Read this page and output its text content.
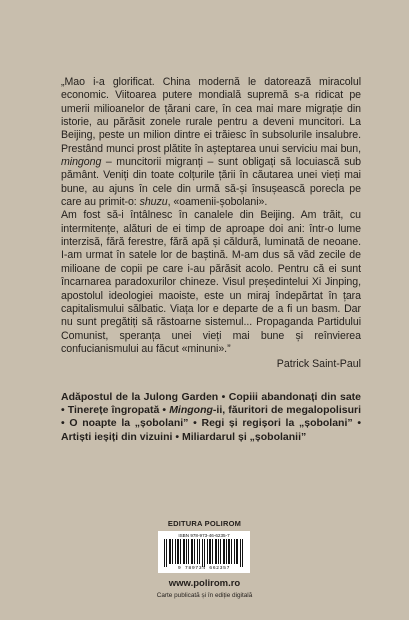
„Mao i-a glorificat. China modernă le datorează miracolul economic. Viitoarea putere mondială supremă s-a ridicat pe umerii milioanelor de țărani care, în cea mai mare migrație din istorie, au părăsit zonele rurale pentru a deveni muncitori. La Beijing, peste un milion dintre ei trăiesc în subsolurile insalubre. Prestând munci prost plătite în așteptarea unui serviciu mai bun, mingong – muncitorii migranți – sunt obligați să locuiască sub pământ. Veniți din toate colțurile țării în căutarea unei vieți mai bune, au ajuns în cele din urmă să-și însușească porecla pe care au primit-o: shuzu, «oamenii-șobolani».

Am fost să-i întâlnesc în canalele din Beijing. Am trăit, cu intermitențe, alături de ei timp de aproape doi ani: într-o lume interzisă, fără ferestre, fără apă și căldură, luminată de neoane. I-am urmat în satele lor de baștină. M-am dus să văd zecile de milioane de copii pe care i-au părăsit acolo. Pentru că ei sunt încarnarea paradoxurilor chineze. Visul președintelui Xi Jinping, apostolul ideologiei maoiste, este un miraj îndepărtat în țara capitalismului sălbatic. Viața lor e departe de a fi un basm. Dar nu sunt pregătiți să răstoarne sistemul... Propaganda Partidului Comunist, speranța unei vieți mai bune și reînvierea confucianismului au făcut «minuni».”

Patrick Saint-Paul
Adăpostul de la Julong Garden • Copiii abandonați din sate • Tinerețe îngropată • Mingong-ii, făuritori de megalopolisuri • O noapte la „șobolani” • Regi și regișori la „șobolani” • Artiști ieșiți din vizuini • Miliardarul și „șobolanii”
EDITURA POLIROM
ISBN 978-973-46-6235-7
9 789734 662357
www.polirom.ro
Carte publicată și în ediție digitală
